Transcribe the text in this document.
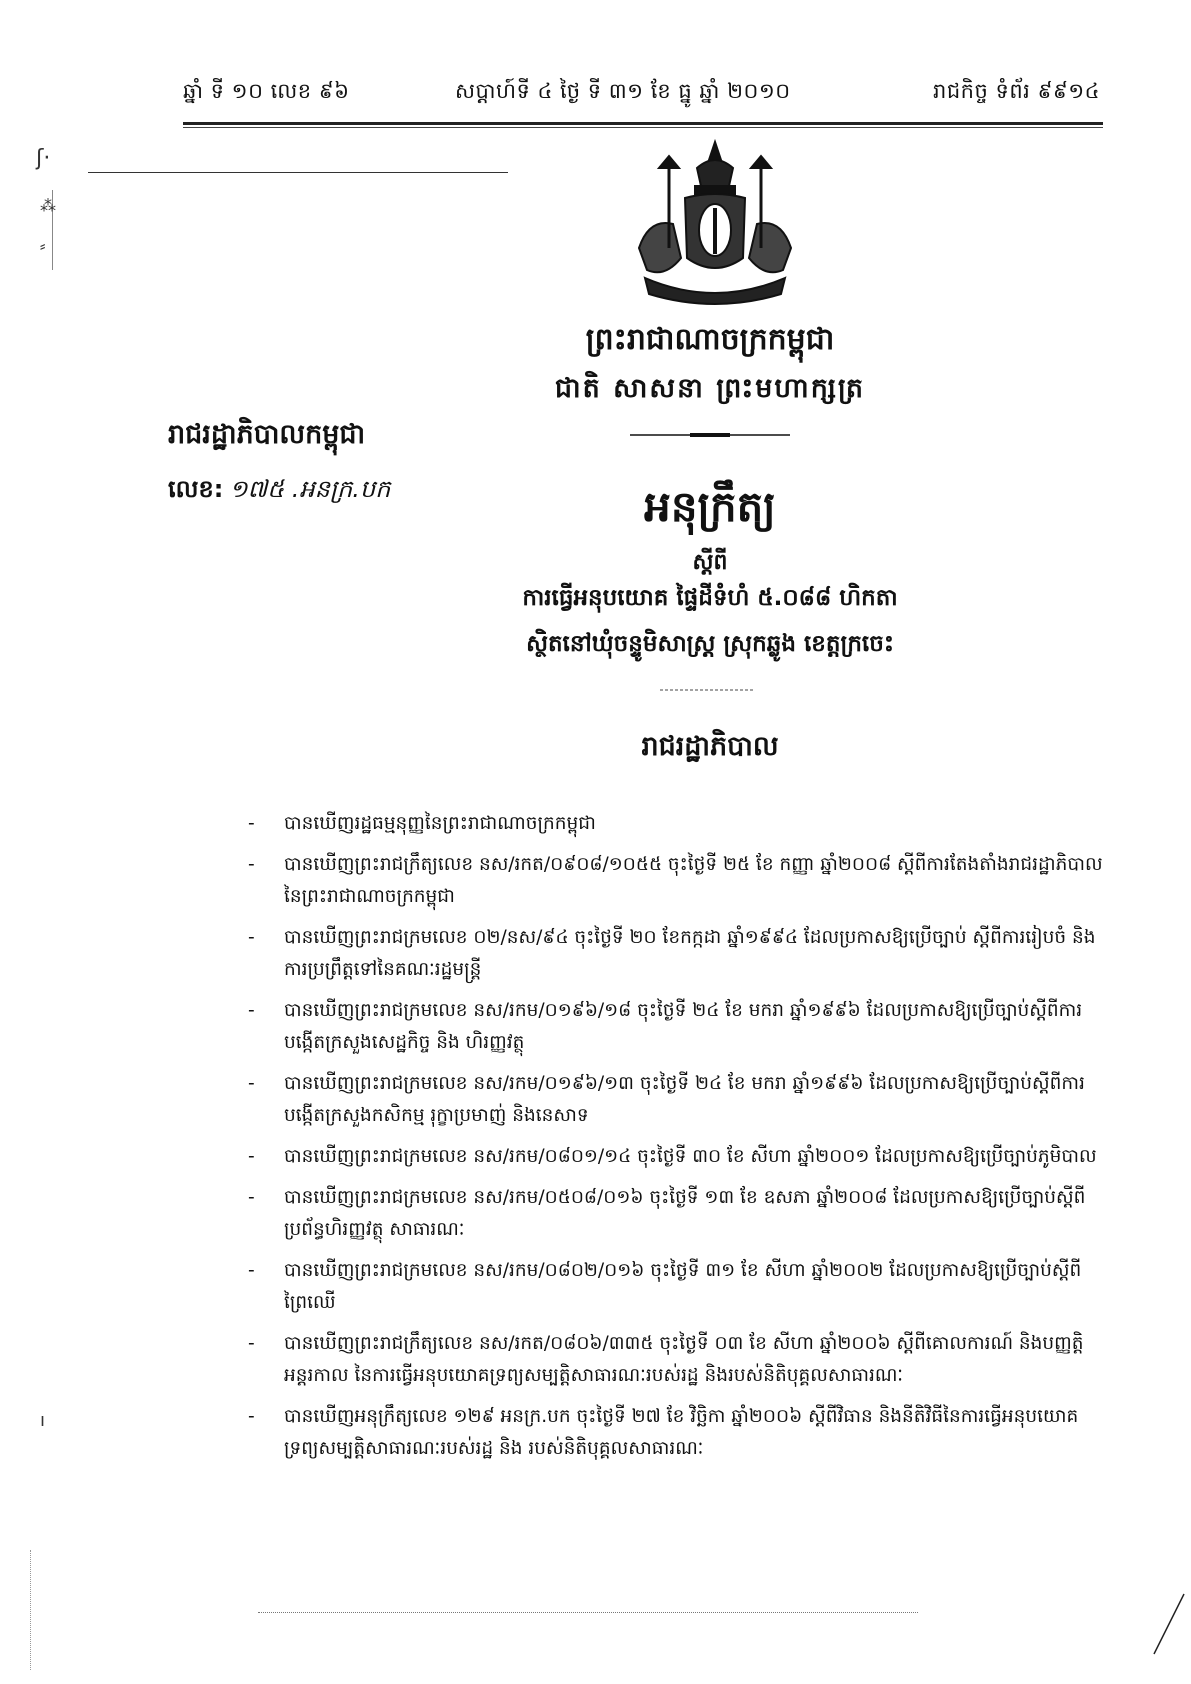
ឆ្នាំ ទី ១០ លេខ ៩៦	សប្តាហ៍ទី ៤ ថ្ងៃ ទី ៣១ ខែ ធ្នូ ឆ្នាំ ២០១០	រាជកិច្ច ទំព័រ ៩៩១៤
ʃ·
⁂
⸗
ı
ព្រះរាជាណាចក្រកម្ពុជា
ជាតិ សាសនា ព្រះមហាក្សត្រ
រាជរដ្ឋាភិបាលកម្ពុជា
លេខ: ១៧៥ .អនក្រ.បក	អនុក្រឹត្យ
ស្តីពី
ការធ្វើអនុបយោគ ផ្ទៃដីទំហំ ៥.០៨៨ ហិកតា
ស្ថិតនៅឃុំចន្ទូមិសាស្ត្រ ស្រុកឆ្លូង ខេត្តក្រចេះ
រាជរដ្ឋាភិបាល
- បានឃើញរដ្ឋធម្មនុញ្ញនៃព្រះរាជាណាចក្រកម្ពុជា
- បានឃើញព្រះរាជក្រឹត្យលេខ នស/រកត/០៩០៨/១០៥៥ ចុះថ្ងៃទី ២៥ ខែ កញ្ញា ឆ្នាំ២០០៨ ស្តីពីការតែងតាំងរាជរដ្ឋាភិបាល នៃព្រះរាជាណាចក្រកម្ពុជា
- បានឃើញព្រះរាជក្រមលេខ ០២/នស/៩៤ ចុះថ្ងៃទី ២០ ខែកក្កដា ឆ្នាំ១៩៩៤ ដែលប្រកាសឱ្យប្រើច្បាប់ ស្តីពីការរៀបចំ និង ការប្រព្រឹត្តទៅនៃគណៈរដ្ឋមន្ត្រី
- បានឃើញព្រះរាជក្រមលេខ នស/រកម/០១៩៦/១៨ ចុះថ្ងៃទី ២៤ ខែ មករា ឆ្នាំ១៩៩៦ ដែលប្រកាសឱ្យប្រើច្បាប់ស្តីពីការបង្កើតក្រសួងសេដ្ឋកិច្ច និង ហិរញ្ញវត្ថុ
- បានឃើញព្រះរាជក្រមលេខ នស/រកម/០១៩៦/១៣ ចុះថ្ងៃទី ២៤ ខែ មករា ឆ្នាំ១៩៩៦ ដែលប្រកាសឱ្យប្រើច្បាប់ស្តីពីការបង្កើតក្រសួងកសិកម្ម រុក្ខាប្រមាញ់ និងនេសាទ
- បានឃើញព្រះរាជក្រមលេខ នស/រកម/០៨០១/១៤ ចុះថ្ងៃទី ៣០ ខែ សីហា ឆ្នាំ២០០១ ដែលប្រកាសឱ្យប្រើច្បាប់ភូមិបាល
- បានឃើញព្រះរាជក្រមលេខ នស/រកម/០៥០៨/០១៦ ចុះថ្ងៃទី ១៣ ខែ ឧសភា ឆ្នាំ២០០៨ ដែលប្រកាសឱ្យប្រើច្បាប់ស្តីពីប្រព័ន្ធហិរញ្ញវត្ថុ សាធារណៈ
- បានឃើញព្រះរាជក្រមលេខ នស/រកម/០៨០២/០១៦ ចុះថ្ងៃទី ៣១ ខែ សីហា ឆ្នាំ២០០២ ដែលប្រកាសឱ្យប្រើច្បាប់ស្តីពីព្រៃឈើ
- បានឃើញព្រះរាជក្រឹត្យលេខ នស/រកត/០៨០៦/៣៣៥ ចុះថ្ងៃទី ០៣ ខែ សីហា ឆ្នាំ២០០៦ ស្តីពីគោលការណ៍ និងបញ្ញត្តិអន្តរកាល នៃការធ្វើអនុបយោគទ្រព្យសម្បត្តិសាធារណៈរបស់រដ្ឋ និងរបស់និតិបុគ្គលសាធារណៈ
- បានឃើញអនុក្រឹត្យលេខ ១២៩ អនក្រ.បក ចុះថ្ងៃទី ២៧ ខែ វិច្ឆិកា ឆ្នាំ២០០៦ ស្តីពីវិធាន និងនីតិវិធីនៃការធ្វើអនុបយោគទ្រព្យសម្បត្តិសាធារណៈរបស់រដ្ឋ និង របស់និតិបុគ្គលសាធារណៈ
